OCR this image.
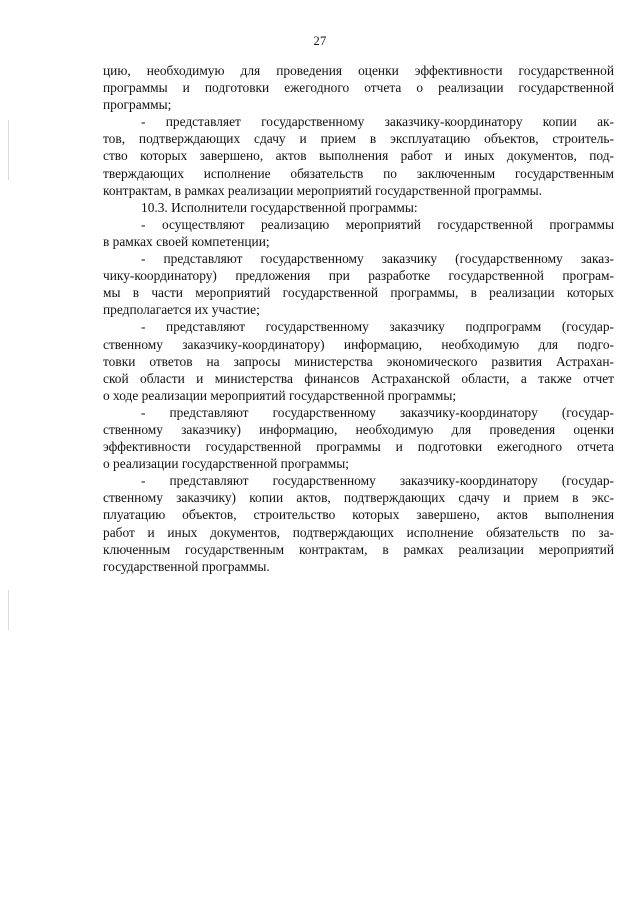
27
цию, необходимую для проведения оценки эффективности государственной
программы и подготовки ежегодного отчета о реализации государственной
программы;
- представляет государственному заказчику-координатору копии ак-
тов, подтверждающих сдачу и прием в эксплуатацию объектов, строитель-
ство которых завершено, актов выполнения работ и иных документов, под-
тверждающих исполнение обязательств по заключенным государственным
контрактам, в рамках реализации мероприятий государственной программы.
10.3. Исполнители государственной программы:
- осуществляют реализацию мероприятий государственной программы
в рамках своей компетенции;
- представляют государственному заказчику (государственному заказ-
чику-координатору) предложения при разработке государственной програм-
мы в части мероприятий государственной программы, в реализации которых
предполагается их участие;
- представляют государственному заказчику подпрограмм (государ-
ственному заказчику-координатору) информацию, необходимую для подго-
товки ответов на запросы министерства экономического развития Астрахан-
ской области и министерства финансов Астраханской области, а также отчет
о ходе реализации мероприятий государственной программы;
- представляют государственному заказчику-координатору (государ-
ственному заказчику) информацию, необходимую для проведения оценки
эффективности государственной программы и подготовки ежегодного отчета
о реализации государственной программы;
- представляют государственному заказчику-координатору (государ-
ственному заказчику) копии актов, подтверждающих сдачу и прием в экс-
плуатацию объектов, строительство которых завершено, актов выполнения
работ и иных документов, подтверждающих исполнение обязательств по за-
ключенным государственным контрактам, в рамках реализации мероприятий
государственной программы.
